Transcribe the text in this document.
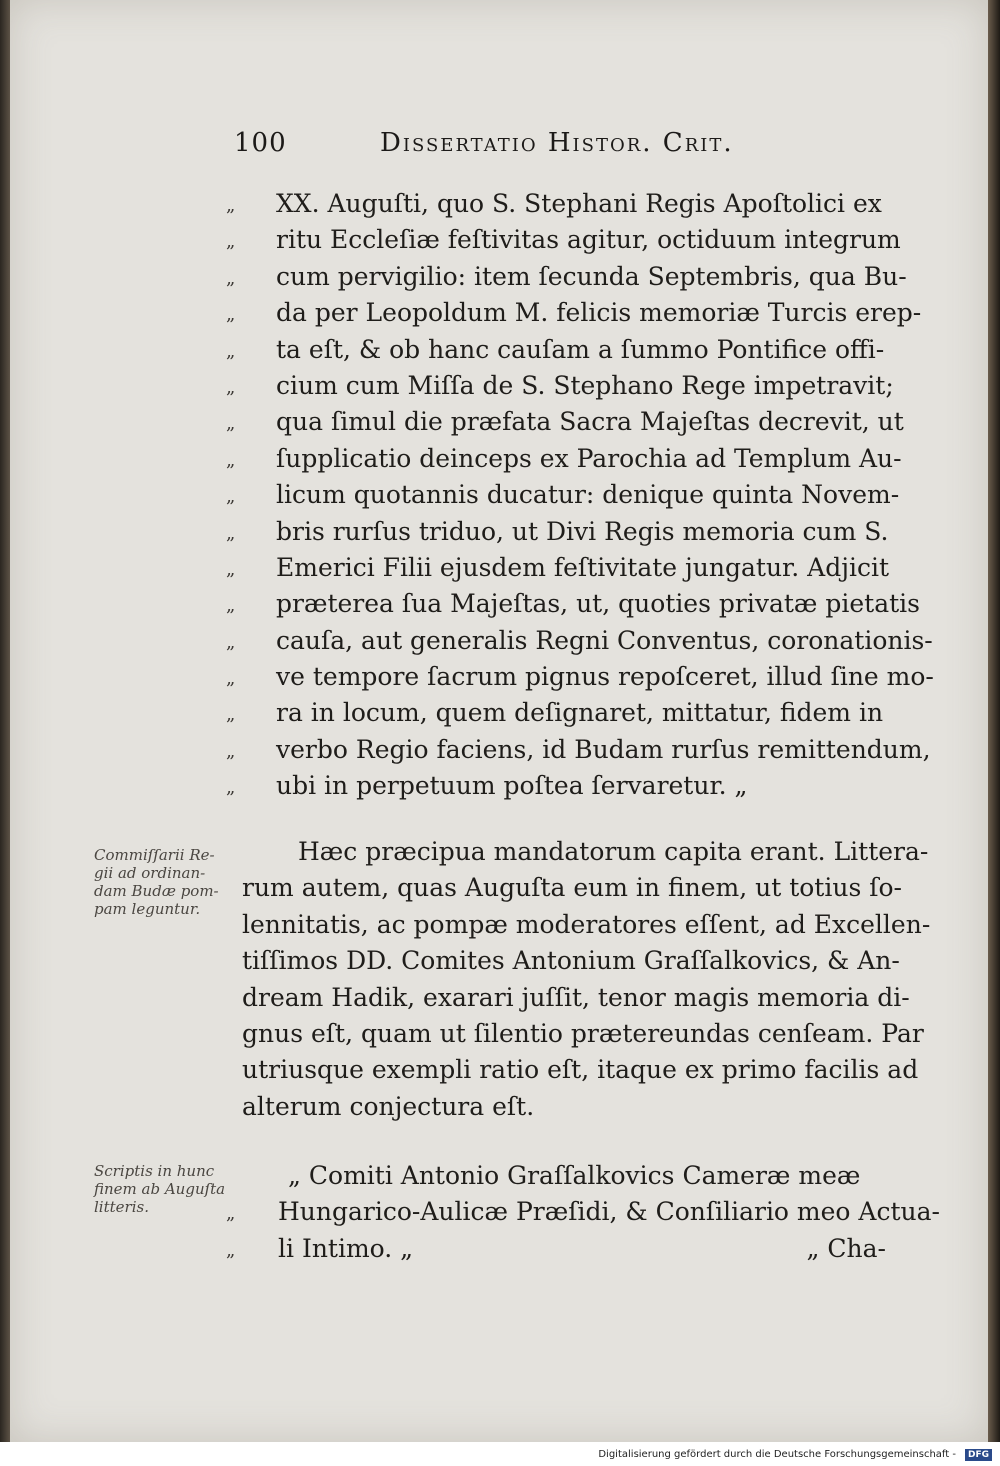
100	Dissertatio Histor. Crit.
„ XX. Auguſti, quo S. Stephani Regis Apoſtolici ex
„ ritu Eccleſiæ feſtivitas agitur, octiduum integrum
„ cum pervigilio: item ſecunda Septembris, qua Bu-
„ da per Leopoldum M. felicis memoriæ Turcis erep-
„ ta eſt, & ob hanc cauſam a ſummo Pontifice offi-
„ cium cum Miſſa de S. Stephano Rege impetravit;
„ qua ſimul die præfata Sacra Majeſtas decrevit, ut
„ ſupplicatio deinceps ex Parochia ad Templum Au-
„ licum quotannis ducatur: denique quinta Novem-
„ bris rurſus triduo, ut Divi Regis memoria cum S.
„ Emerici Filii ejusdem feſtivitate jungatur. Adjicit
„ præterea ſua Majeſtas, ut, quoties privatæ pietatis
„ cauſa, aut generalis Regni Conventus, coronationis-
„ ve tempore ſacrum pignus repoſceret, illud ſine mo-
„ ra in locum, quem deſignaret, mittatur, fidem in
„ verbo Regio faciens, id Budam rurſus remittendum,
„ ubi in perpetuum poſtea ſervaretur. „
Commiſſarii Re-
gii ad ordinan-
dam Budæ pom-
pam leguntur.
Hæc præcipua mandatorum capita erant. Littera-
rum autem, quas Auguſta eum in finem, ut totius ſo-
lennitatis, ac pompæ moderatores eſſent, ad Excellen-
tiſſimos DD. Comites Antonium Graſſalkovics, & An-
dream Hadik, exarari juſſit, tenor magis memoria di-
gnus eſt, quam ut ſilentio prætereundas cenſeam. Par
utriusque exempli ratio eſt, itaque ex primo facilis ad
alterum conjectura eſt.
Scriptis in hunc
finem ab Auguſta
litteris.
„ Comiti Antonio Graſſalkovics Cameræ meæ
„ Hungarico-Aulicæ Præſidi, & Conſiliario meo Actua-
„ li Intimo. „	„ Cha-
Digitalisierung gefördert durch die Deutsche Forschungsgemeinschaft -	DFG
